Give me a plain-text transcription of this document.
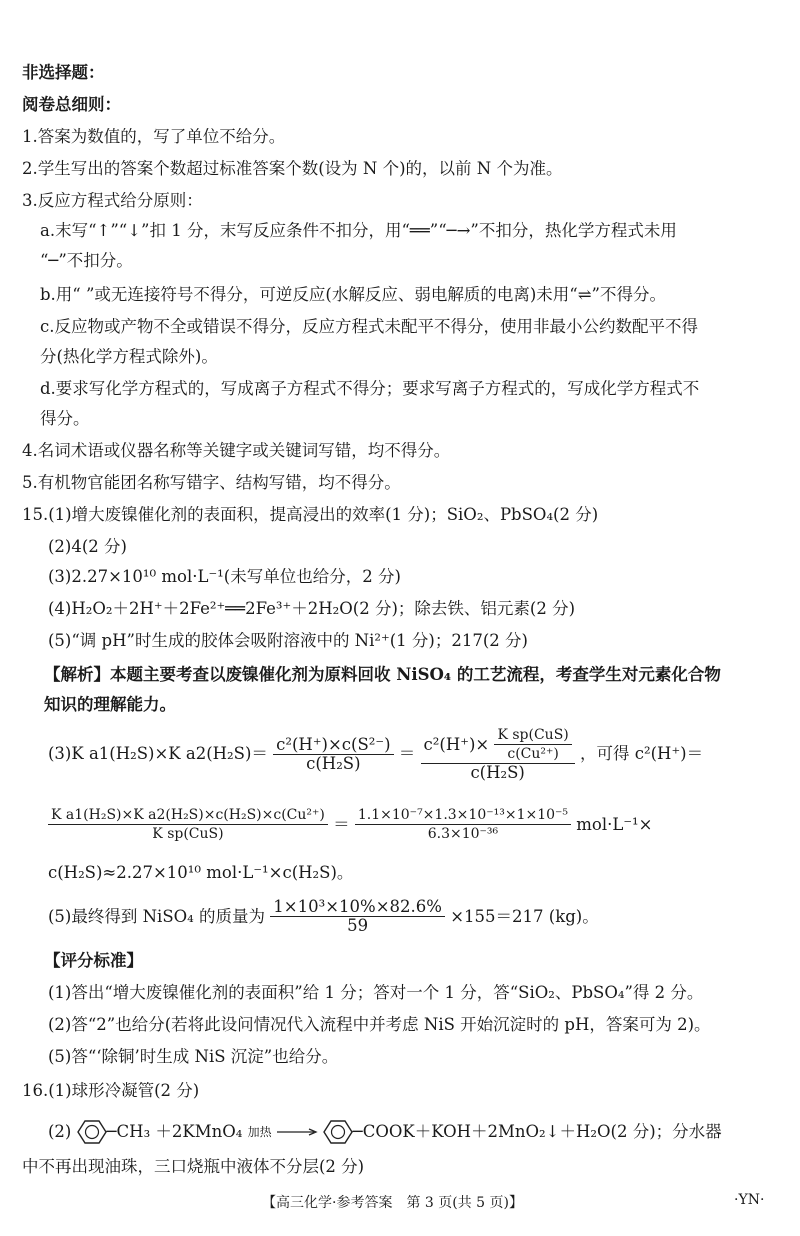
非选择题：
阅卷总细则：
1.答案为数值的，写了单位不给分。
2.学生写出的答案个数超过标准答案个数(设为 N 个)的，以前 N 个为准。
3.反应方程式给分原则：
a.末写“↑”“↓”扣 1 分，末写反应条件不扣分，用“══”“─→”不扣分，热化学方程式未用
“─”不扣分。
b.用“ ”或无连接符号不得分，可逆反应(水解反应、弱电解质的电离)未用“⇌”不得分。
c.反应物或产物不全或错误不得分，反应方程式未配平不得分，使用非最小公约数配平不得
分(热化学方程式除外)。
d.要求写化学方程式的，写成离子方程式不得分；要求写离子方程式的，写成化学方程式不
得分。
4.名词术语或仪器名称等关键字或关键词写错，均不得分。
5.有机物官能团名称写错字、结构写错，均不得分。
15.(1)增大废镍催化剂的表面积，提高浸出的效率(1 分)；SiO₂、PbSO₄(2 分)
(2)4(2 分)
(3)2.27×10¹⁰ mol·L⁻¹(未写单位也给分，2 分)
(4)H₂O₂＋2H⁺＋2Fe²⁺══2Fe³⁺＋2H₂O(2 分)；除去铁、铝元素(2 分)
(5)“调 pH”时生成的胶体会吸附溶液中的 Ni²⁺(1 分)；217(2 分)
【解析】本题主要考查以废镍催化剂为原料回收 NiSO₄ 的工艺流程，考查学生对元素化合物
知识的理解能力。
(3)K a1(H₂S)×K $a2(H_2S)= \frac{\text{c²(H⁺)×c(S²⁻)}}{\text{c(H₂S)}} = \frac{c^2(H^+)\times \frac{\text{K sp(CuS)}}{\text{c(Cu²⁺)}}}{\text{c(H₂S)}}$ ，可得 c²(H⁺)＝
$\frac{\text{K a1(H₂S)×K a2(H₂S)×c(H₂S)×c(Cu²⁺)}}{\text{K sp(CuS)}} = \frac{\text{1.1×10⁻⁷×1.3×10⁻¹³×1×10⁻⁵}}{\text{6.3×10⁻³⁶}} mol\cdot L^{-1}\times$
c(H₂S)≈2.27×10¹⁰ mol·L⁻¹×c(H₂S)。
(5)最终得到 NiSO₄ 的质量为 $\frac{\text{1×10³×10\%×82.6\%}}{59} \times 155=217$ (kg)。
【评分标准】
(1)答出“增大废镍催化剂的表面积”给 1 分；答对一个 1 分，答“SiO₂、PbSO₄”得 2 分。
(2)答“2”也给分(若将此设问情况代入流程中并考虑 NiS 开始沉淀时的 pH，答案可为 2)。
(5)答“‘除铜’时生成 NiS 沉淀”也给分。
16.(1)球形冷凝管(2 分)
(2) ─CH₃ ＋2KMnO₄ 加热	─COOK＋KOH＋2MnO₂↓＋H₂O(2 分)；分水器
中不再出现油珠，三口烧瓶中液体不分层(2 分)
【高三化学·参考答案　第 3 页(共 5 页)】	·YN·
